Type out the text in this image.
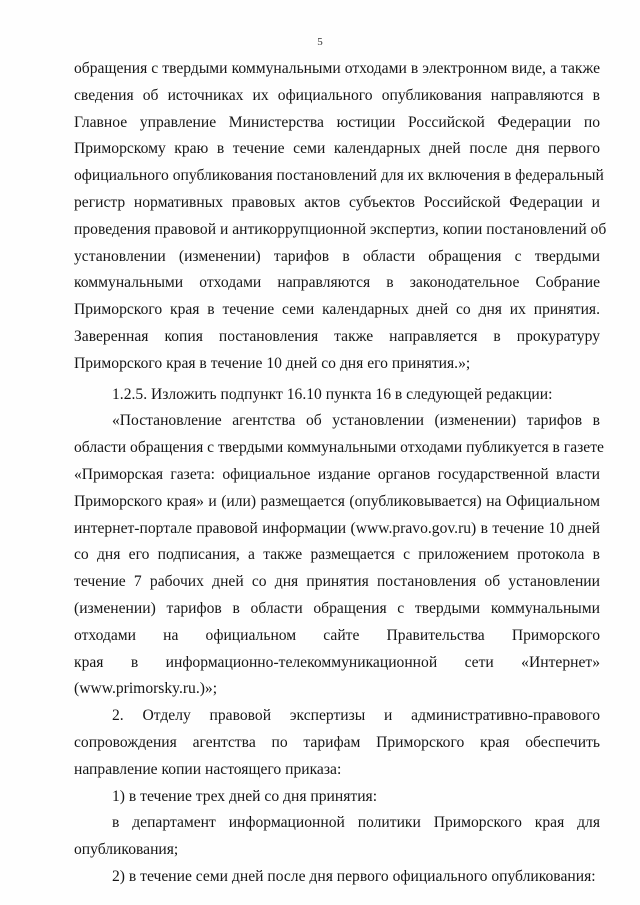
5
обращения с твердыми коммунальными отходами в электронном виде, а также
сведения об источниках их официального опубликования направляются в
Главное управление Министерства юстиции Российской Федерации по
Приморскому краю в течение семи календарных дней после дня первого
официального опубликования постановлений для их включения в федеральный
регистр нормативных правовых актов субъектов Российской Федерации и
проведения правовой и антикоррупционной экспертиз, копии постановлений об
установлении (изменении) тарифов в области обращения с твердыми
коммунальными отходами направляются в законодательное Собрание
Приморского края в течение семи календарных дней со дня их принятия.
Заверенная копия постановления также направляется в прокуратуру
Приморского края в течение 10 дней со дня его принятия.»;
1.2.5. Изложить подпункт 16.10 пункта 16 в следующей редакции:
«Постановление агентства об установлении (изменении) тарифов в
области обращения с твердыми коммунальными отходами публикуется в газете
«Приморская газета: официальное издание органов государственной власти
Приморского края» и (или) размещается (опубликовывается) на Официальном
интернет-портале правовой информации (www.pravo.gov.ru) в течение 10 дней
со дня его подписания, а также размещается с приложением протокола в
течение 7 рабочих дней со дня принятия постановления об установлении
(изменении) тарифов в области обращения с твердыми коммунальными
отходами на официальном сайте Правительства Приморского
края в информационно-телекоммуникационной сети «Интернет»
(www.primorsky.ru.)»;
2. Отделу правовой экспертизы и административно-правового
сопровождения агентства по тарифам Приморского края обеспечить
направление копии настоящего приказа:
1) в течение трех дней со дня принятия:
в департамент информационной политики Приморского края для
опубликования;
2) в течение семи дней после дня первого официального опубликования:
